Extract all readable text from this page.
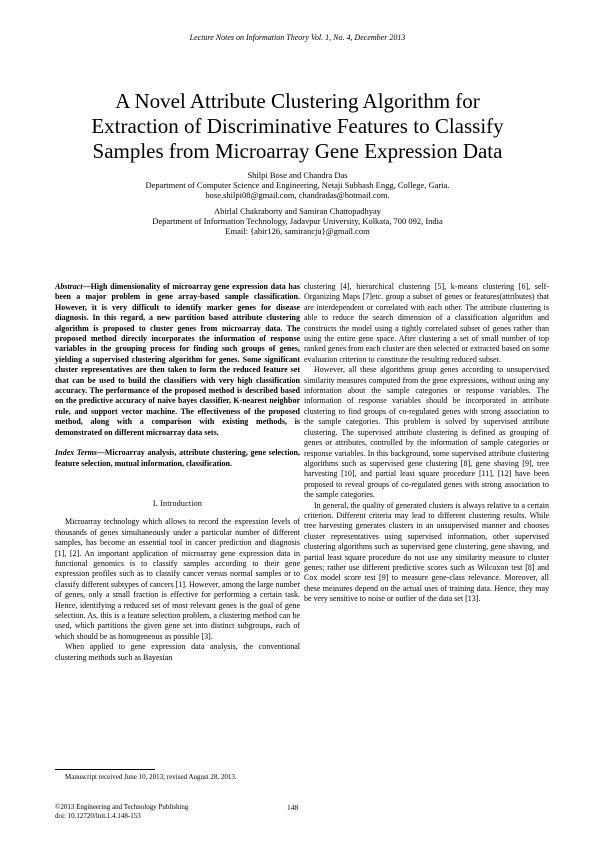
Lecture Notes on Information Theory Vol. 1, No. 4, December 2013
A Novel Attribute Clustering Algorithm for
Extraction of Discriminative Features to Classify
Samples from Microarray Gene Expression Data
Shilpi Bose and Chandra Das
Department of Computer Science and Engineering, Netaji Subhash Engg, College, Garia.
bose.shilpi08@gmail.com, chandradas@hotmail.com.
Abirlal Chakraborty and Samiran Chattopadhyay
Department of Information Technology, Jadavpur University, Kolkata, 700 092, India
Email: {abir126, samirancju}@gmail.com

Abstract—High dimensionality of microarray gene expression data has been a major problem in gene array-based sample classification. However, it is very difficult to identify marker genes for disease diagnosis. In this regard, a new partition based attribute clustering algorithm is proposed to cluster genes from microarray data. The proposed method directly incorporates the information of response variables in the grouping process for finding such groups of genes, yielding a supervised clustering algorithm for genes. Some significant cluster representatives are then taken to form the reduced feature set that can be used to build the classifiers with very high classification accuracy. The performance of the proposed method is described based on the predictive accuracy of naive bayes classifier, K-nearest neighbor rule, and support vector machine. The effectiveness of the proposed method, along with a comparison with existing methods, is demonstrated on different microarray data sets.

Index Terms—Microarray analysis, attribute clustering, gene selection, feature selection, mutual information, classification.

I. Introduction

Microarray technology which allows to record the expression levels of thousands of genes simultaneously under a particular number of different samples, has become an essential tool in cancer prediction and diagnosis [1], [2]. An important application of microarray gene expression data in functional genomics is to classify samples according to their gene expression profiles such as to classify cancer versus normal samples or to classify different subtypes of cancers [1]. However, among the large number of genes, only a small fraction is effective for performing a certain task. Hence, identifying a reduced set of most relevant genes is the goal of gene selection. As, this is a feature selection problem, a clustering method can be used, which partitions the given gene set into distinct subgroups, each of which should be as homogeneous as possible [3].

When applied to gene expression data analysis, the conventional clustering methods such as Bayesian

clustering [4], hierarchical clustering [5], k-means clustering [6], self-Organizing Maps [7]etc. group a subset of genes or features(attributes) that are interdependent or correlated with each other. The attribute clustering is able to reduce the search dimension of a classification algorithm and constructs the model using a tightly correlated subset of genes rather than using the entire gene space. After clustering a set of small number of top ranked genes from each cluster are then selected or extracted based on some evaluation criterion to constitute the resulting reduced subset.

However, all these algorithms group genes according to unsupervised similarity measures computed from the gene expressions, without using any information about the sample categories or response variables. The information of response variables should be incorporated in attribute clustering to find groups of co-regulated genes with strong association to the sample categories. This problem is solved by supervised attribute clustering. The supervised attribute clustering is defined as grouping of genes or attributes, controlled by the information of sample categories or response variables. In this background, some supervised attribute clustering algorithms such as supervised gene clustering [8], gene shaving [9], tree harvesting [10], and partial least square procedure [11], [12] have been proposed to reveal groups of co-regulated genes with strong association to the sample categories.

In general, the quality of generated clusters is always relative to a certain criterion. Different criteria may lead to different clustering results. While tree harvesting generates clusters in an unsupervised manner and chooses cluster representatives using supervised information, other supervised clustering algorithms such as supervised gene clustering, gene shaving, and partial least square procedure do not use any similarity measure to cluster genes; rather use different predictive scores such as Wilcoxon test [8] and Cox model score test [9] to measure gene-class relevance. Moreover, all these measures depend on the actual uses of training data. Hence, they may be very sensitive to noise or outlier of the data set [13].

Manuscript received June 10, 2013; revised August 28, 2013.
©2013 Engineering and Technology Publishing
doi: 10.12720/lnit.1.4.148-153
148
